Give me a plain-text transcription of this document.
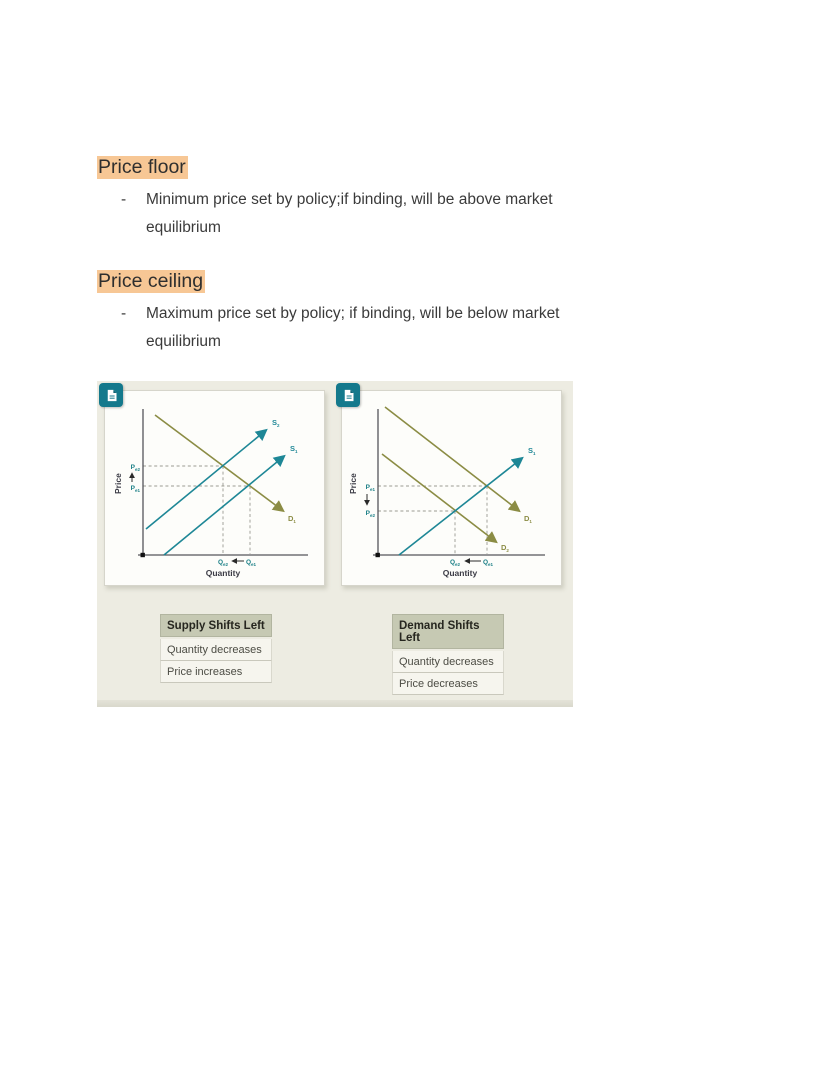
Price floor
-	Minimum price set by policy;if binding, will be above market equilibrium
Price ceiling
-	Maximum price set by policy; if binding, will be below market equilibrium
$S_2$
$S_1$
$D_1$
$P_{e2}$
$P_{e1}$
$Q_{e2}$	$Q_{e1}$
Price
Quantity
$S_1$
$D_1$
$D_2$
$P_{e1}$
$P_{e2}$
$Q_{e2}$	$Q_{e1}$
Price
Quantity
Supply Shifts Left
Quantity decreases
Price increases
Demand Shifts Left
Quantity decreases
Price decreases
